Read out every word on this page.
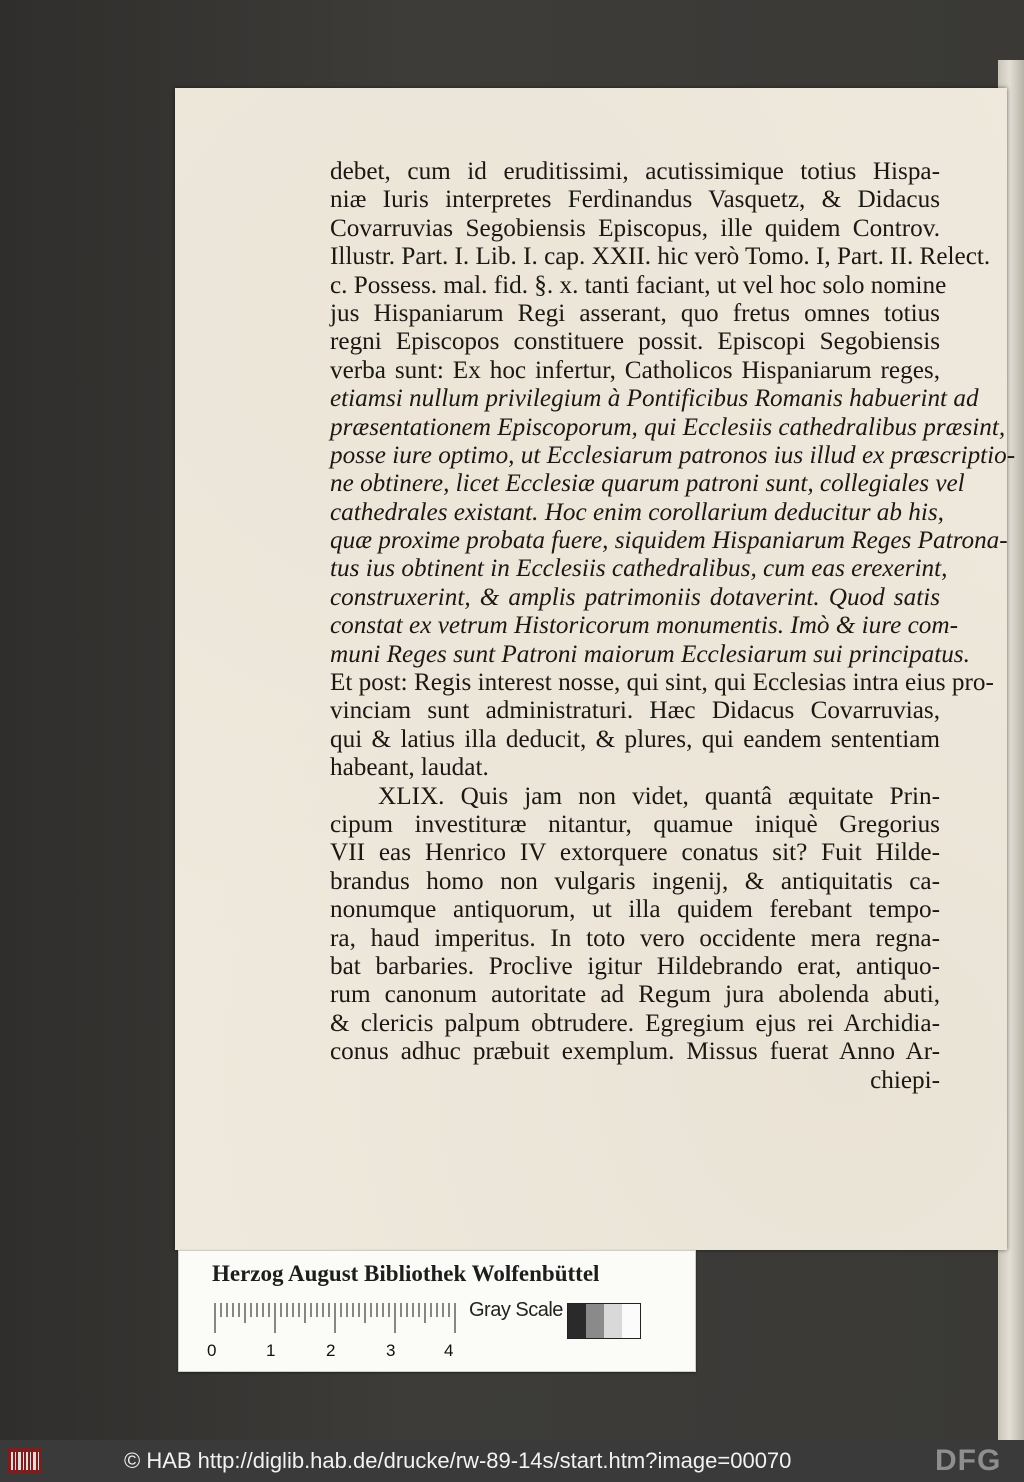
debet, cum id eruditissimi, acutissimique totius Hispa-
niæ Iuris interpretes Ferdinandus Vasquetz, & Didacus
Covarruvias Segobiensis Episcopus, ille quidem Controv.
Illustr. Part. I. Lib. I. cap. XXII. hic verò Tomo. I, Part. II. Relect.
c. Possess. mal. fid. §. x. tanti faciant, ut vel hoc solo nomine
jus Hispaniarum Regi asserant, quo fretus omnes totius
regni Episcopos constituere possit. Episcopi Segobiensis
verba sunt: Ex hoc infertur, Catholicos Hispaniarum reges,
etiamsi nullum privilegium à Pontificibus Romanis habuerint ad
præsentationem Episcoporum, qui Ecclesiis cathedralibus præsint,
posse iure optimo, ut Ecclesiarum patronos ius illud ex præscriptio-
ne obtinere, licet Ecclesiæ quarum patroni sunt, collegiales vel
cathedrales existant. Hoc enim corollarium deducitur ab his,
quæ proxime probata fuere, siquidem Hispaniarum Reges Patrona-
tus ius obtinent in Ecclesiis cathedralibus, cum eas erexerint,
construxerint, & amplis patrimoniis dotaverint. Quod satis
constat ex vetrum Historicorum monumentis. Imò & iure com-
muni Reges sunt Patroni maiorum Ecclesiarum sui principatus.
Et post: Regis interest nosse, qui sint, qui Ecclesias intra eius pro-
vinciam sunt administraturi. Hæc Didacus Covarruvias,
qui & latius illa deducit, & plures, qui eandem sententiam
habeant, laudat.
XLIX. Quis jam non videt, quantâ æquitate Prin-
cipum investituræ nitantur, quamue iniquè Gregorius
VII eas Henrico IV extorquere conatus sit? Fuit Hilde-
brandus homo non vulgaris ingenij, & antiquitatis ca-
nonumque antiquorum, ut illa quidem ferebant tempo-
ra, haud imperitus. In toto vero occidente mera regna-
bat barbaries. Proclive igitur Hildebrando erat, antiquo-
rum canonum autoritate ad Regum jura abolenda abuti,
& clericis palpum obtrudere. Egregium ejus rei Archidia-
conus adhuc præbuit exemplum. Missus fuerat Anno Ar-
chiepi-
Herzog August Bibliothek Wolfenbüttel
0	1	2	3	4
Gray Scale
© HAB http://diglib.hab.de/drucke/rw-89-14s/start.htm?image=00070	DFG
